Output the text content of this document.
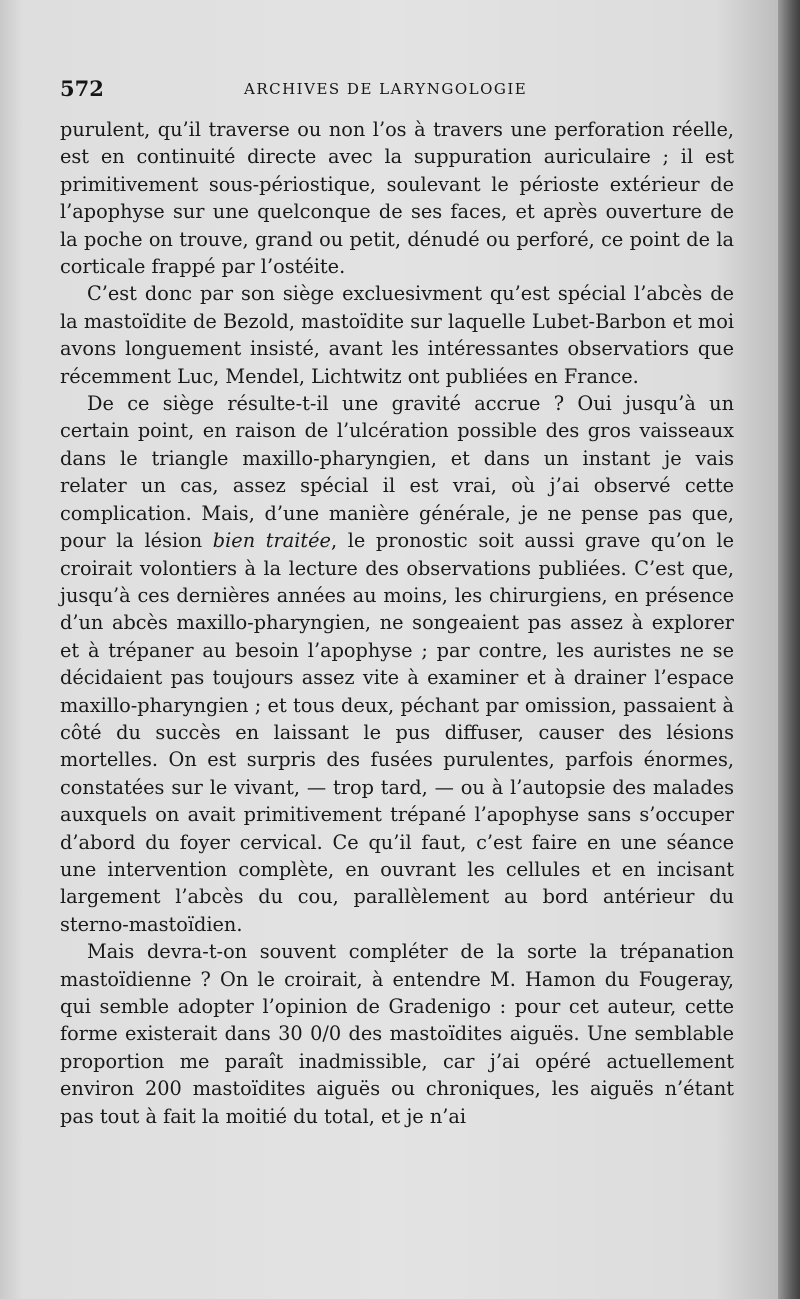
572	ARCHIVES DE LARYNGOLOGIE

purulent, qu’il traverse ou non l’os à travers une perforation réelle, est en continuité directe avec la suppuration auriculaire ; il est primitivement sous-périostique, soulevant le périoste extérieur de l’apophyse sur une quelconque de ses faces, et après ouverture de la poche on trouve, grand ou petit, dénudé ou perforé, ce point de la corticale frappé par l’ostéite.

C’est donc par son siège excluesivment qu’est spécial l’abcès de la mastoïdite de Bezold, mastoïdite sur laquelle Lubet-Barbon et moi avons longuement insisté, avant les intéressantes observatiors que récemment Luc, Mendel, Lichtwitz ont publiées en France.

De ce siège résulte-t-il une gravité accrue ? Oui jusqu’à un certain point, en raison de l’ulcération possible des gros vaisseaux dans le triangle maxillo-pharyngien, et dans un instant je vais relater un cas, assez spécial il est vrai, où j’ai observé cette complication. Mais, d’une manière générale, je ne pense pas que, pour la lésion bien traitée, le pronostic soit aussi grave qu’on le croirait volontiers à la lecture des observations publiées. C’est que, jusqu’à ces dernières années au moins, les chirurgiens, en présence d’un abcès maxillo-pharyngien, ne songeaient pas assez à explorer et à trépaner au besoin l’apophyse ; par contre, les auristes ne se décidaient pas toujours assez vite à examiner et à drainer l’espace maxillo-pharyngien ; et tous deux, péchant par omission, passaient à côté du succès en laissant le pus diffuser, causer des lésions mortelles. On est surpris des fusées purulentes, parfois énormes, constatées sur le vivant, — trop tard, — ou à l’autopsie des malades auxquels on avait primitivement trépané l’apophyse sans s’occuper d’abord du foyer cervical. Ce qu’il faut, c’est faire en une séance une intervention complète, en ouvrant les cellules et en incisant largement l’abcès du cou, parallèlement au bord antérieur du sterno-mastoïdien.

Mais devra-t-on souvent compléter de la sorte la trépanation mastoïdienne ? On le croirait, à entendre M. Hamon du Fougeray, qui semble adopter l’opinion de Gradenigo : pour cet auteur, cette forme existerait dans 30 0/0 des mastoïdites aiguës. Une semblable proportion me paraît inadmissible, car j’ai opéré actuellement environ 200 mastoïdites aiguës ou chroniques, les aiguës n’étant pas tout à fait la moitié du total, et je n’ai
